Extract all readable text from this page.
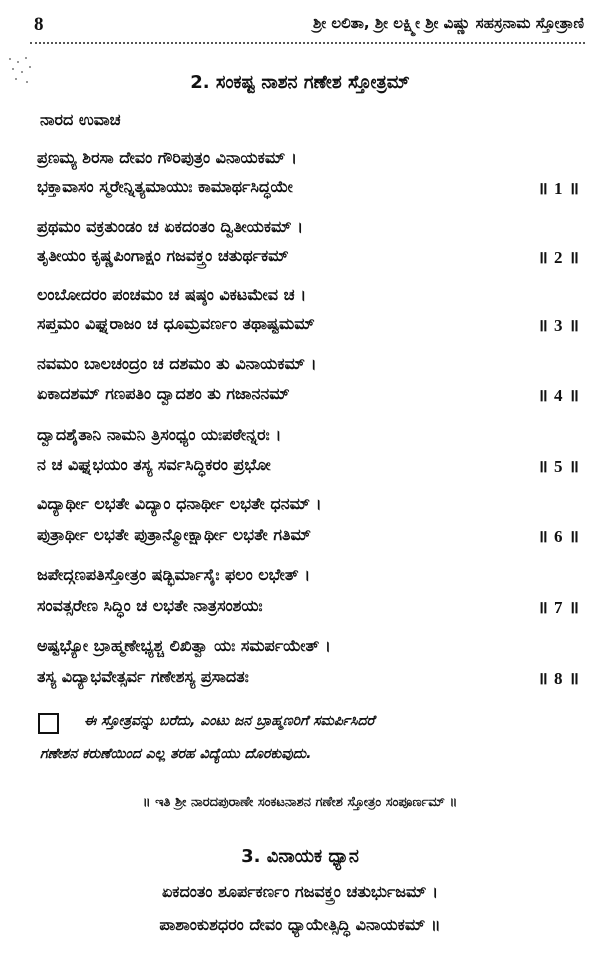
8	ಶ್ರೀ ಲಲಿತಾ, ಶ್ರೀ ಲಕ್ಷ್ಮೀ ಶ್ರೀ ವಿಷ್ಣು ಸಹಸ್ರನಾಮ ಸ್ತೋತ್ರಾಣಿ
2. ಸಂಕಷ್ಟ ನಾಶನ ಗಣೇಶ ಸ್ತೋತ್ರಮ್
ನಾರದ ಉವಾಚ
ಪ್ರಣಮ್ಯ ಶಿರಸಾ ದೇವಂ ಗೌರಿಪುತ್ರಂ ವಿನಾಯಕಮ್ ।
ಭಕ್ತಾವಾಸಂ ಸ್ಮರೇನ್ನಿತ್ಯಮಾಯುಃ ಕಾಮಾರ್ಥಸಿದ್ಧಯೇ	॥ 1 ॥
ಪ್ರಥಮಂ ವಕ್ರತುಂಡಂ ಚ ಏಕದಂತಂ ದ್ವಿತೀಯಕಮ್ ।
ತೃತೀಯಂ ಕೃಷ್ಣಪಿಂಗಾಕ್ಷಂ ಗಜವಕ್ತ್ರಂ ಚತುರ್ಥಕಮ್	॥ 2 ॥
ಲಂಬೋದರಂ ಪಂಚಮಂ ಚ ಷಷ್ಠಂ ವಿಕಟಮೇವ ಚ ।
ಸಪ್ತಮಂ ವಿಘ್ನರಾಜಂ ಚ ಧೂಮ್ರವರ್ಣಂ ತಥಾಷ್ಟಮಮ್	॥ 3 ॥
ನವಮಂ ಬಾಲಚಂದ್ರಂ ಚ ದಶಮಂ ತು ವಿನಾಯಕಮ್ ।
ಏಕಾದಶಮ್ ಗಣಪತಿಂ ದ್ವಾದಶಂ ತು ಗಜಾನನಮ್	॥ 4 ॥
ದ್ವಾದಶೈತಾನಿ ನಾಮನಿ ತ್ರಿಸಂಧ್ಯಂ ಯಃಪಠೇನ್ನರಃ ।
ನ ಚ ವಿಘ್ನಭಯಂ ತಸ್ಯ ಸರ್ವಸಿದ್ಧಿಕರಂ ಪ್ರಭೋ	॥ 5 ॥
ವಿದ್ಯಾರ್ಥೀ ಲಭತೇ ವಿದ್ಯಾಂ ಧನಾರ್ಥೀ ಲಭತೇ ಧನಮ್ ।
ಪುತ್ರಾರ್ಥೀ ಲಭತೇ ಪುತ್ರಾನ್ಮೋಕ್ಷಾರ್ಥೀ ಲಭತೇ ಗತಿಮ್	॥ 6 ॥
ಜಪೇದ್ಗಣಪತಿಸ್ತೋತ್ರಂ ಷಡ್ಭಿರ್ಮಾಸೈಃ ಫಲಂ ಲಭೇತ್ ।
ಸಂವತ್ಸರೇಣ ಸಿದ್ಧಿಂ ಚ ಲಭತೇ ನಾತ್ರಸಂಶಯಃ	॥ 7 ॥
ಅಷ್ಟಭ್ಯೋ ಬ್ರಾಹ್ಮಣೇಭ್ಯಶ್ಚ ಲಿಖಿತ್ವಾ ಯಃ ಸಮರ್ಪಯೇತ್ ।
ತಸ್ಯ ವಿದ್ಯಾಭವೇತ್ಸರ್ವ ಗಣೇಶಸ್ಯ ಪ್ರಸಾದತಃ	॥ 8 ॥
ಈ ಸ್ತೋತ್ರವನ್ನು ಬರೆದು, ಎಂಟು ಜನ ಬ್ರಾಹ್ಮಣರಿಗೆ ಸಮರ್ಪಿಸಿದರೆ
ಗಣೇಶನ ಕರುಣೆಯಿಂದ ಎಲ್ಲ ತರಹ ವಿದ್ಯೆಯು ದೊರಕುವುದು.
॥ ಇತಿ ಶ್ರೀ ನಾರದಪುರಾಣೇ ಸಂಕಟನಾಶನ ಗಣೇಶ ಸ್ತೋತ್ರಂ ಸಂಪೂರ್ಣಮ್ ॥
3. ವಿನಾಯಕ ಧ್ಯಾನ
ಏಕದಂತಂ ಶೂರ್ಪಕರ್ಣಂ ಗಜವಕ್ತ್ರಂ ಚತುರ್ಭುಜಮ್ ।
ಪಾಶಾಂಕುಶಧರಂ ದೇವಂ ಧ್ಯಾಯೇತ್ಸಿದ್ಧಿ ವಿನಾಯಕಮ್ ॥
